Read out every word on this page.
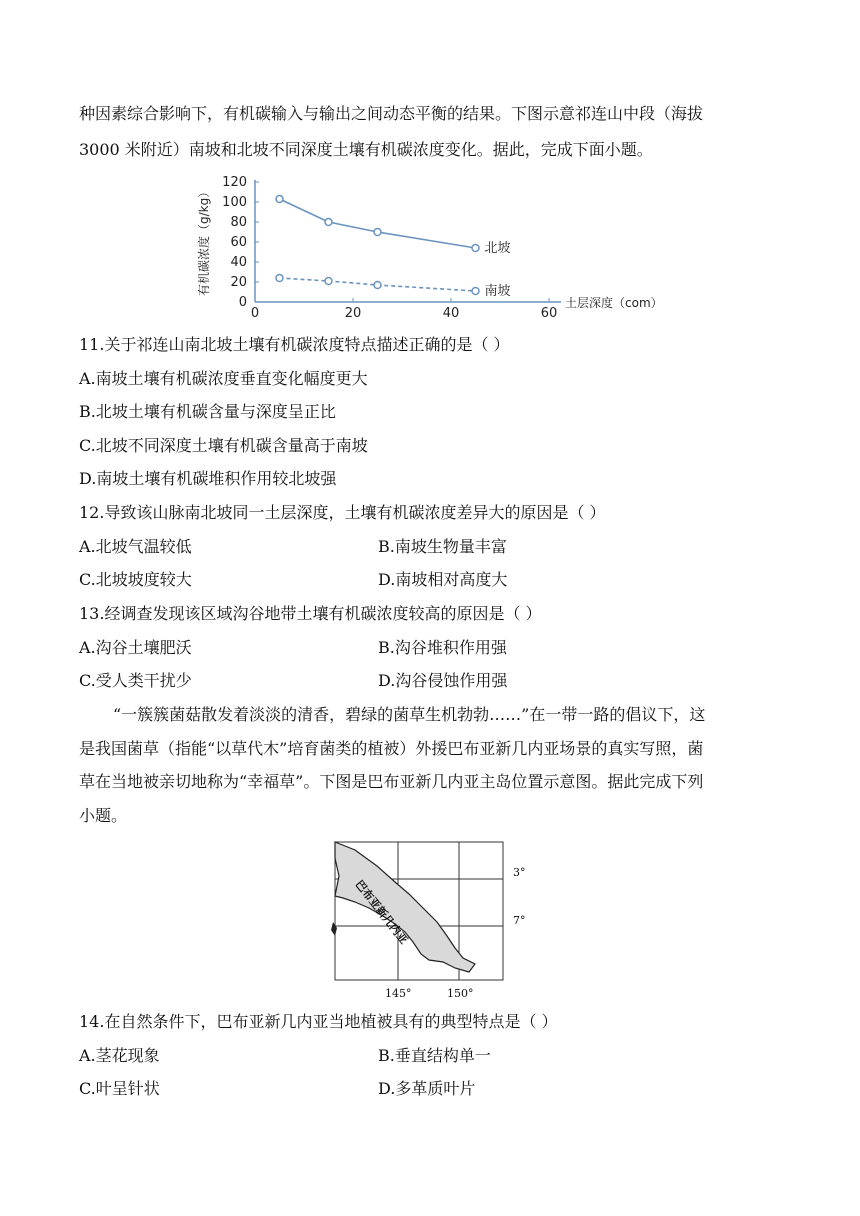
种因素综合影响下，有机碳输入与输出之间动态平衡的结果。下图示意祁连山中段（海拔
3000 米附近）南坡和北坡不同深度土壤有机碳浓度变化。据此，完成下面小题。
0
20
40
60
80
100
120
0	20	40	60
有机碳浓度（g/kg）
土层深度（com）
北坡
南坡
11.关于祁连山南北坡土壤有机碳浓度特点描述正确的是（ ）
A.南坡土壤有机碳浓度垂直变化幅度更大
B.北坡土壤有机碳含量与深度呈正比
C.北坡不同深度土壤有机碳含量高于南坡
D.南坡土壤有机碳堆积作用较北坡强
12.导致该山脉南北坡同一土层深度，土壤有机碳浓度差异大的原因是（ ）
A.北坡气温较低	B.南坡生物量丰富
C.北坡坡度较大	D.南坡相对高度大
13.经调查发现该区域沟谷地带土壤有机碳浓度较高的原因是（ ）
A.沟谷土壤肥沃	B.沟谷堆积作用强
C.受人类干扰少	D.沟谷侵蚀作用强
“一簇簇菌菇散发着淡淡的清香，碧绿的菌草生机勃勃……”在一带一路的倡议下，这
是我国菌草（指能“以草代木”培育菌类的植被）外援巴布亚新几内亚场景的真实写照，菌
草在当地被亲切地称为“幸福草”。下图是巴布亚新几内亚主岛位置示意图。据此完成下列
小题。
巴布亚新几内亚
3°
7°
145°	150°
14.在自然条件下，巴布亚新几内亚当地植被具有的典型特点是（ ）
A.茎花现象	B.垂直结构单一
C.叶呈针状	D.多革质叶片
